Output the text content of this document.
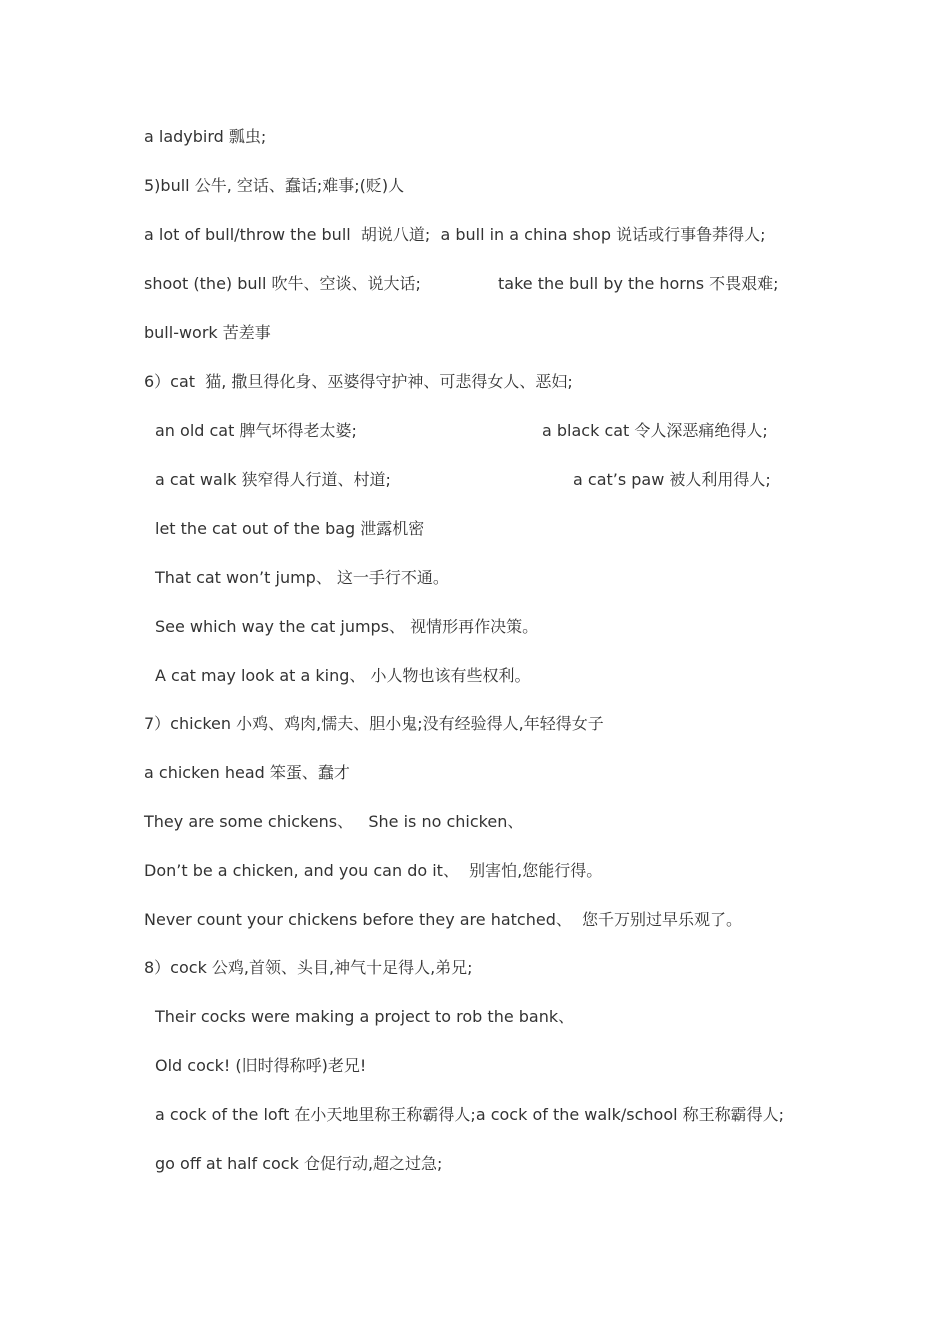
a ladybird 瓢虫;
5)bull 公牛, 空话、蠢话;难事;(贬)人
a lot of bull/throw the bull  胡说八道;  a bull in a china shop 说话或行事鲁莽得人;
shoot (the) bull 吹牛、空谈、说大话;	take the bull by the horns 不畏艰难;
bull-work 苦差事
6）cat  猫, 撒旦得化身、巫婆得守护神、可悲得女人、恶妇;
an old cat 脾气坏得老太婆;	a black cat 令人深恶痛绝得人;
a cat walk 狭窄得人行道、村道;	a cat’s paw 被人利用得人;
let the cat out of the bag 泄露机密
That cat won’t jump、 这一手行不通。
See which way the cat jumps、 视情形再作决策。
A cat may look at a king、 小人物也该有些权利。
7）chicken 小鸡、鸡肉,懦夫、胆小鬼;没有经验得人,年轻得女子
a chicken head 笨蛋、蠢才
They are some chickens、   She is no chicken、
Don’t be a chicken, and you can do it、  别害怕,您能行得。
Never count your chickens before they are hatched、  您千万别过早乐观了。
8）cock 公鸡,首领、头目,神气十足得人,弟兄;
Their cocks were making a project to rob the bank、
Old cock! (旧时得称呼)老兄!
a cock of the loft 在小天地里称王称霸得人;a cock of the walk/school 称王称霸得人;
go off at half cock 仓促行动,超之过急;
